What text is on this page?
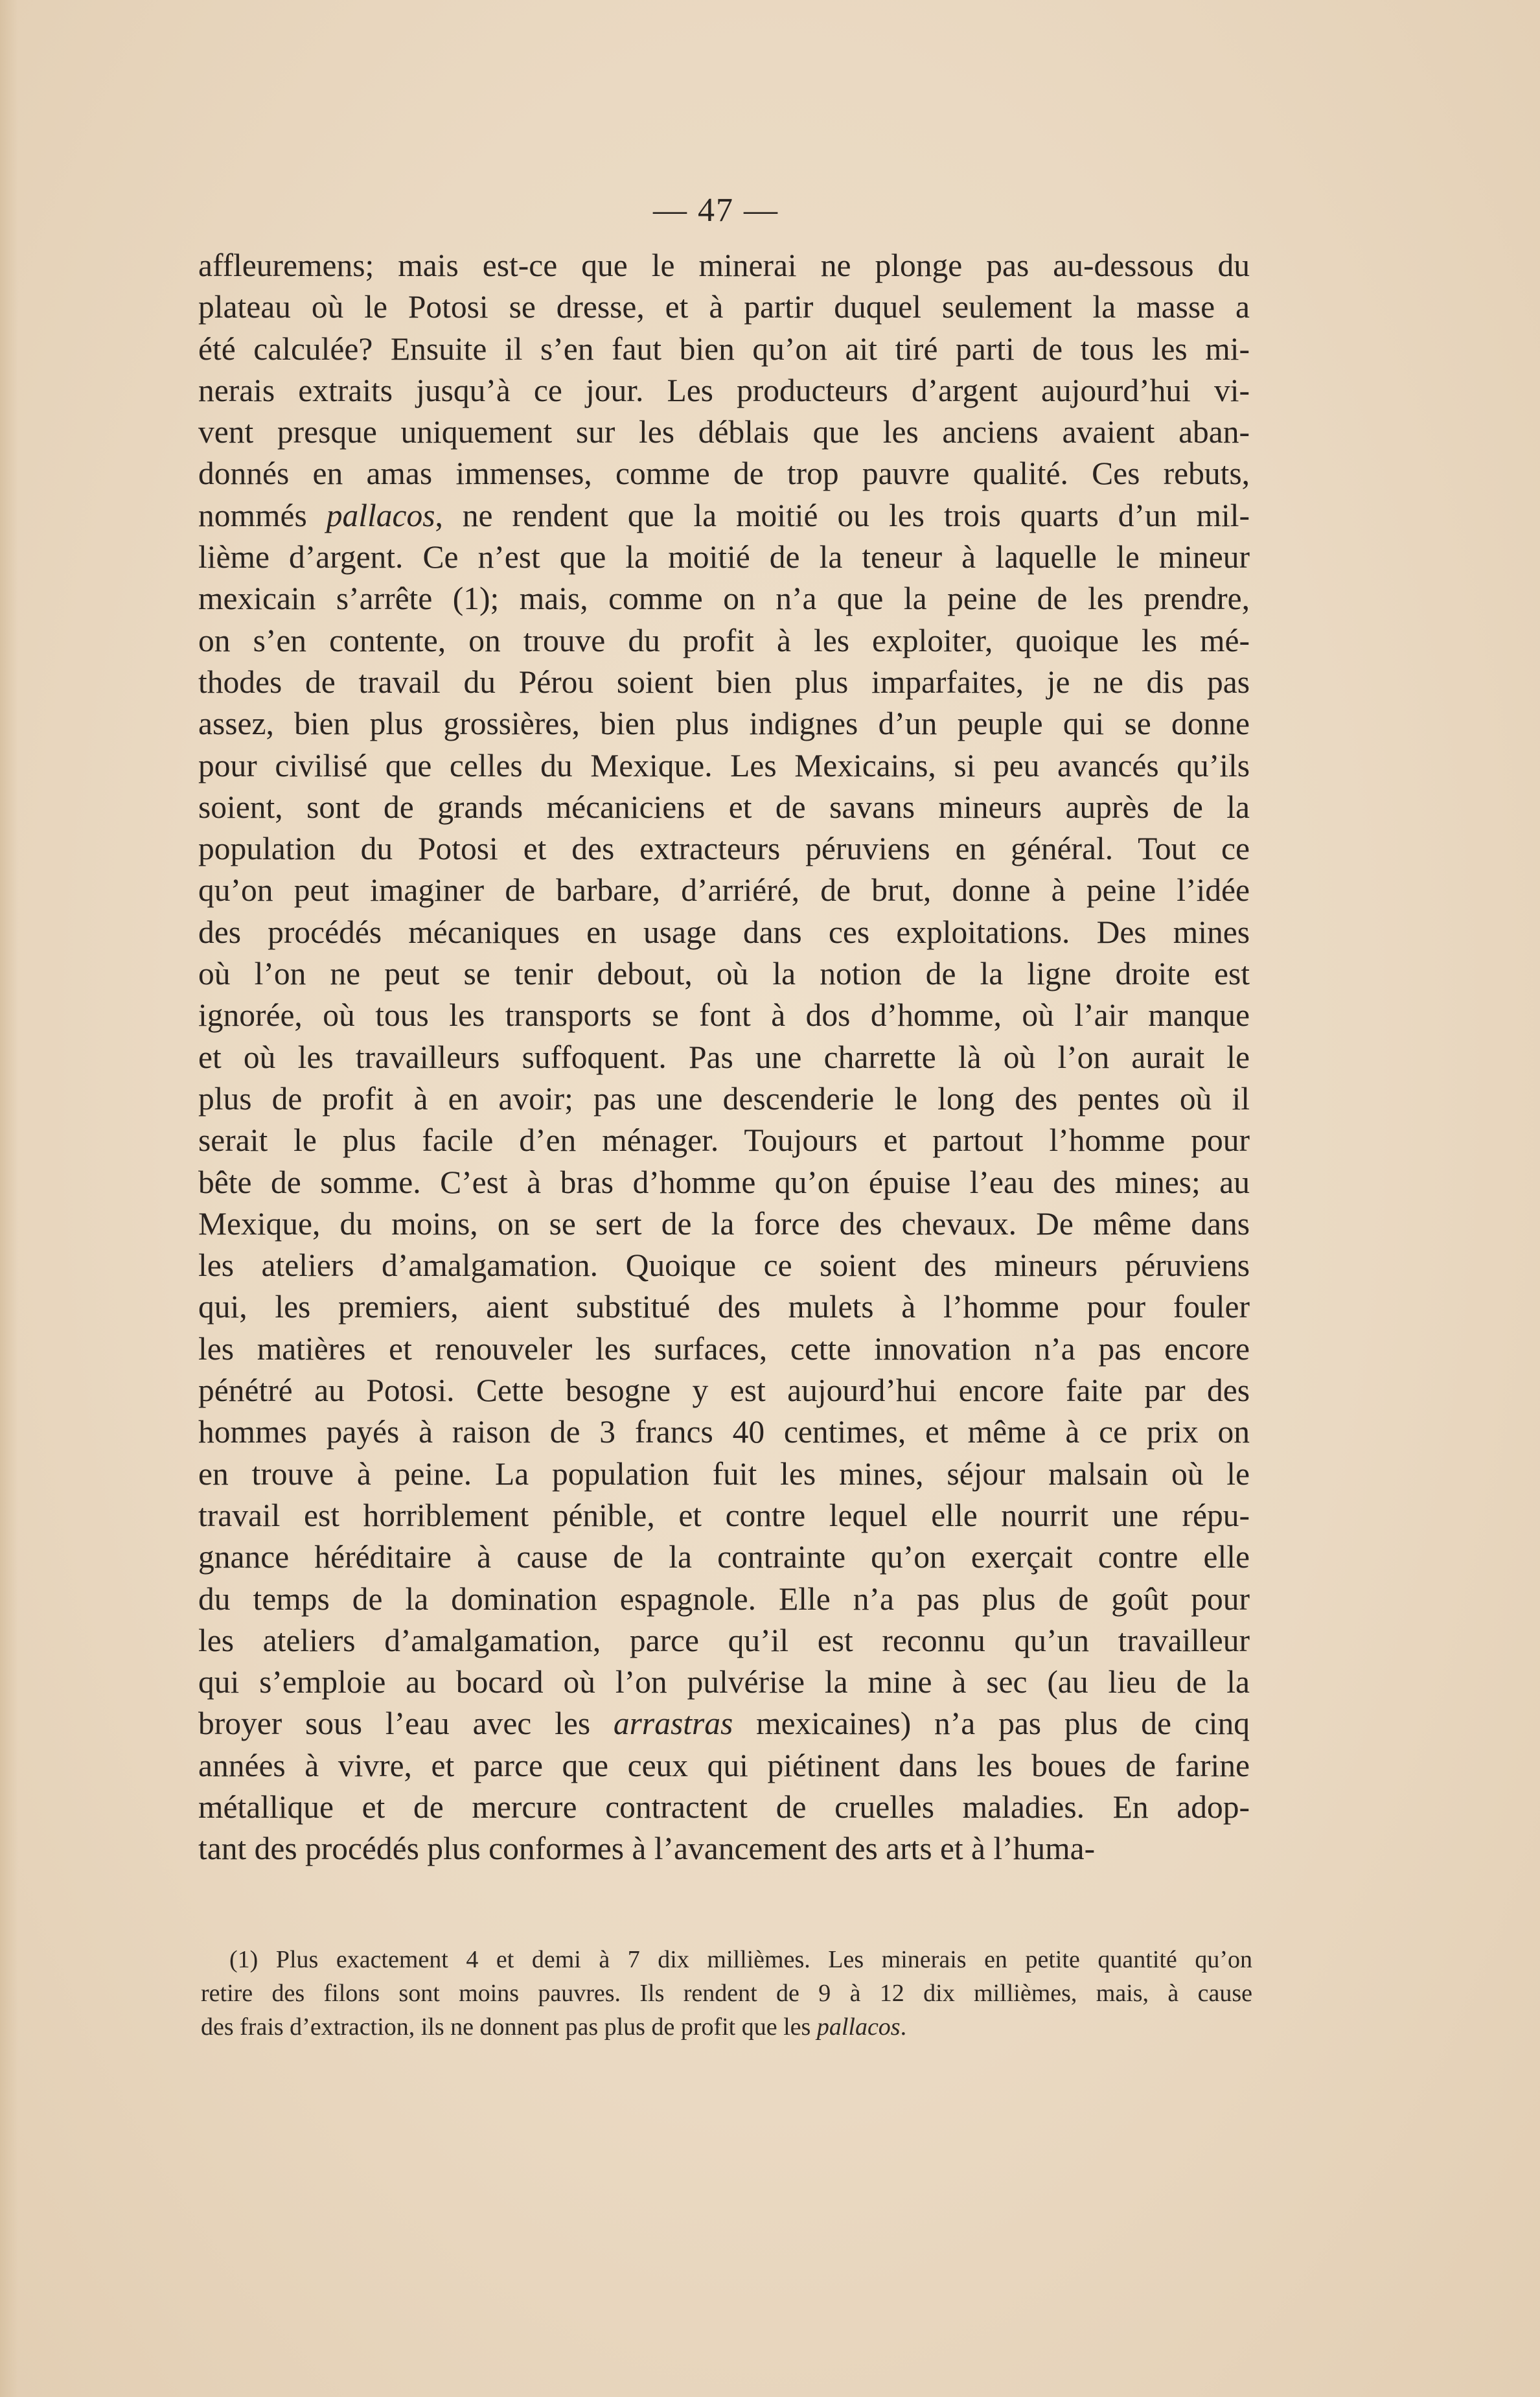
— 47 —
affleuremens; mais est-ce que le minerai ne plonge pas au-dessous du
plateau où le Potosi se dresse, et à partir duquel seulement la masse a
été calculée? Ensuite il s’en faut bien qu’on ait tiré parti de tous les mi-
nerais extraits jusqu’à ce jour. Les producteurs d’argent aujourd’hui vi-
vent presque uniquement sur les déblais que les anciens avaient aban-
donnés en amas immenses, comme de trop pauvre qualité. Ces rebuts,
nommés pallacos, ne rendent que la moitié ou les trois quarts d’un mil-
lième d’argent. Ce n’est que la moitié de la teneur à laquelle le mineur
mexicain s’arrête (1); mais, comme on n’a que la peine de les prendre,
on s’en contente, on trouve du profit à les exploiter, quoique les mé-
thodes de travail du Pérou soient bien plus imparfaites, je ne dis pas
assez, bien plus grossières, bien plus indignes d’un peuple qui se donne
pour civilisé que celles du Mexique. Les Mexicains, si peu avancés qu’ils
soient, sont de grands mécaniciens et de savans mineurs auprès de la
population du Potosi et des extracteurs péruviens en général. Tout ce
qu’on peut imaginer de barbare, d’arriéré, de brut, donne à peine l’idée
des procédés mécaniques en usage dans ces exploitations. Des mines
où l’on ne peut se tenir debout, où la notion de la ligne droite est
ignorée, où tous les transports se font à dos d’homme, où l’air manque
et où les travailleurs suffoquent. Pas une charrette là où l’on aurait le
plus de profit à en avoir; pas une descenderie le long des pentes où il
serait le plus facile d’en ménager. Toujours et partout l’homme pour
bête de somme. C’est à bras d’homme qu’on épuise l’eau des mines; au
Mexique, du moins, on se sert de la force des chevaux. De même dans
les ateliers d’amalgamation. Quoique ce soient des mineurs péruviens
qui, les premiers, aient substitué des mulets à l’homme pour fouler
les matières et renouveler les surfaces, cette innovation n’a pas encore
pénétré au Potosi. Cette besogne y est aujourd’hui encore faite par des
hommes payés à raison de 3 francs 40 centimes, et même à ce prix on
en trouve à peine. La population fuit les mines, séjour malsain où le
travail est horriblement pénible, et contre lequel elle nourrit une répu-
gnance héréditaire à cause de la contrainte qu’on exerçait contre elle
du temps de la domination espagnole. Elle n’a pas plus de goût pour
les ateliers d’amalgamation, parce qu’il est reconnu qu’un travailleur
qui s’emploie au bocard où l’on pulvérise la mine à sec (au lieu de la
broyer sous l’eau avec les arrastras mexicaines) n’a pas plus de cinq
années à vivre, et parce que ceux qui piétinent dans les boues de farine
métallique et de mercure contractent de cruelles maladies. En adop-
tant des procédés plus conformes à l’avancement des arts et à l’huma-
(1) Plus exactement 4 et demi à 7 dix millièmes. Les minerais en petite quantité qu’on
retire des filons sont moins pauvres. Ils rendent de 9 à 12 dix millièmes, mais, à cause
des frais d’extraction, ils ne donnent pas plus de profit que les pallacos.
